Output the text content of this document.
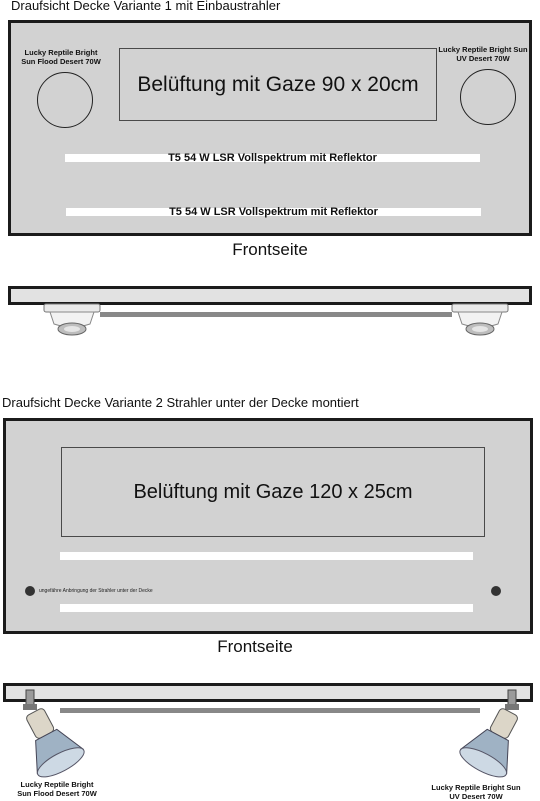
Draufsicht Decke Variante 1 mit Einbaustrahler
Lucky Reptile Bright
Sun Flood Desert 70W
Belüftung mit Gaze 90 x 20cm
Lucky Reptile Bright Sun
UV Desert 70W
T5 54 W LSR Vollspektrum mit Reflektor
T5 54 W LSR Vollspektrum mit Reflektor
Frontseite
Draufsicht Decke Variante 2 Strahler unter der Decke montiert
Belüftung mit Gaze 120 x 25cm
ungefähre Anbringung der Strahler unter der Decke
Frontseite
Lucky Reptile Bright
Sun Flood Desert 70W
Lucky Reptile Bright Sun
UV Desert 70W
